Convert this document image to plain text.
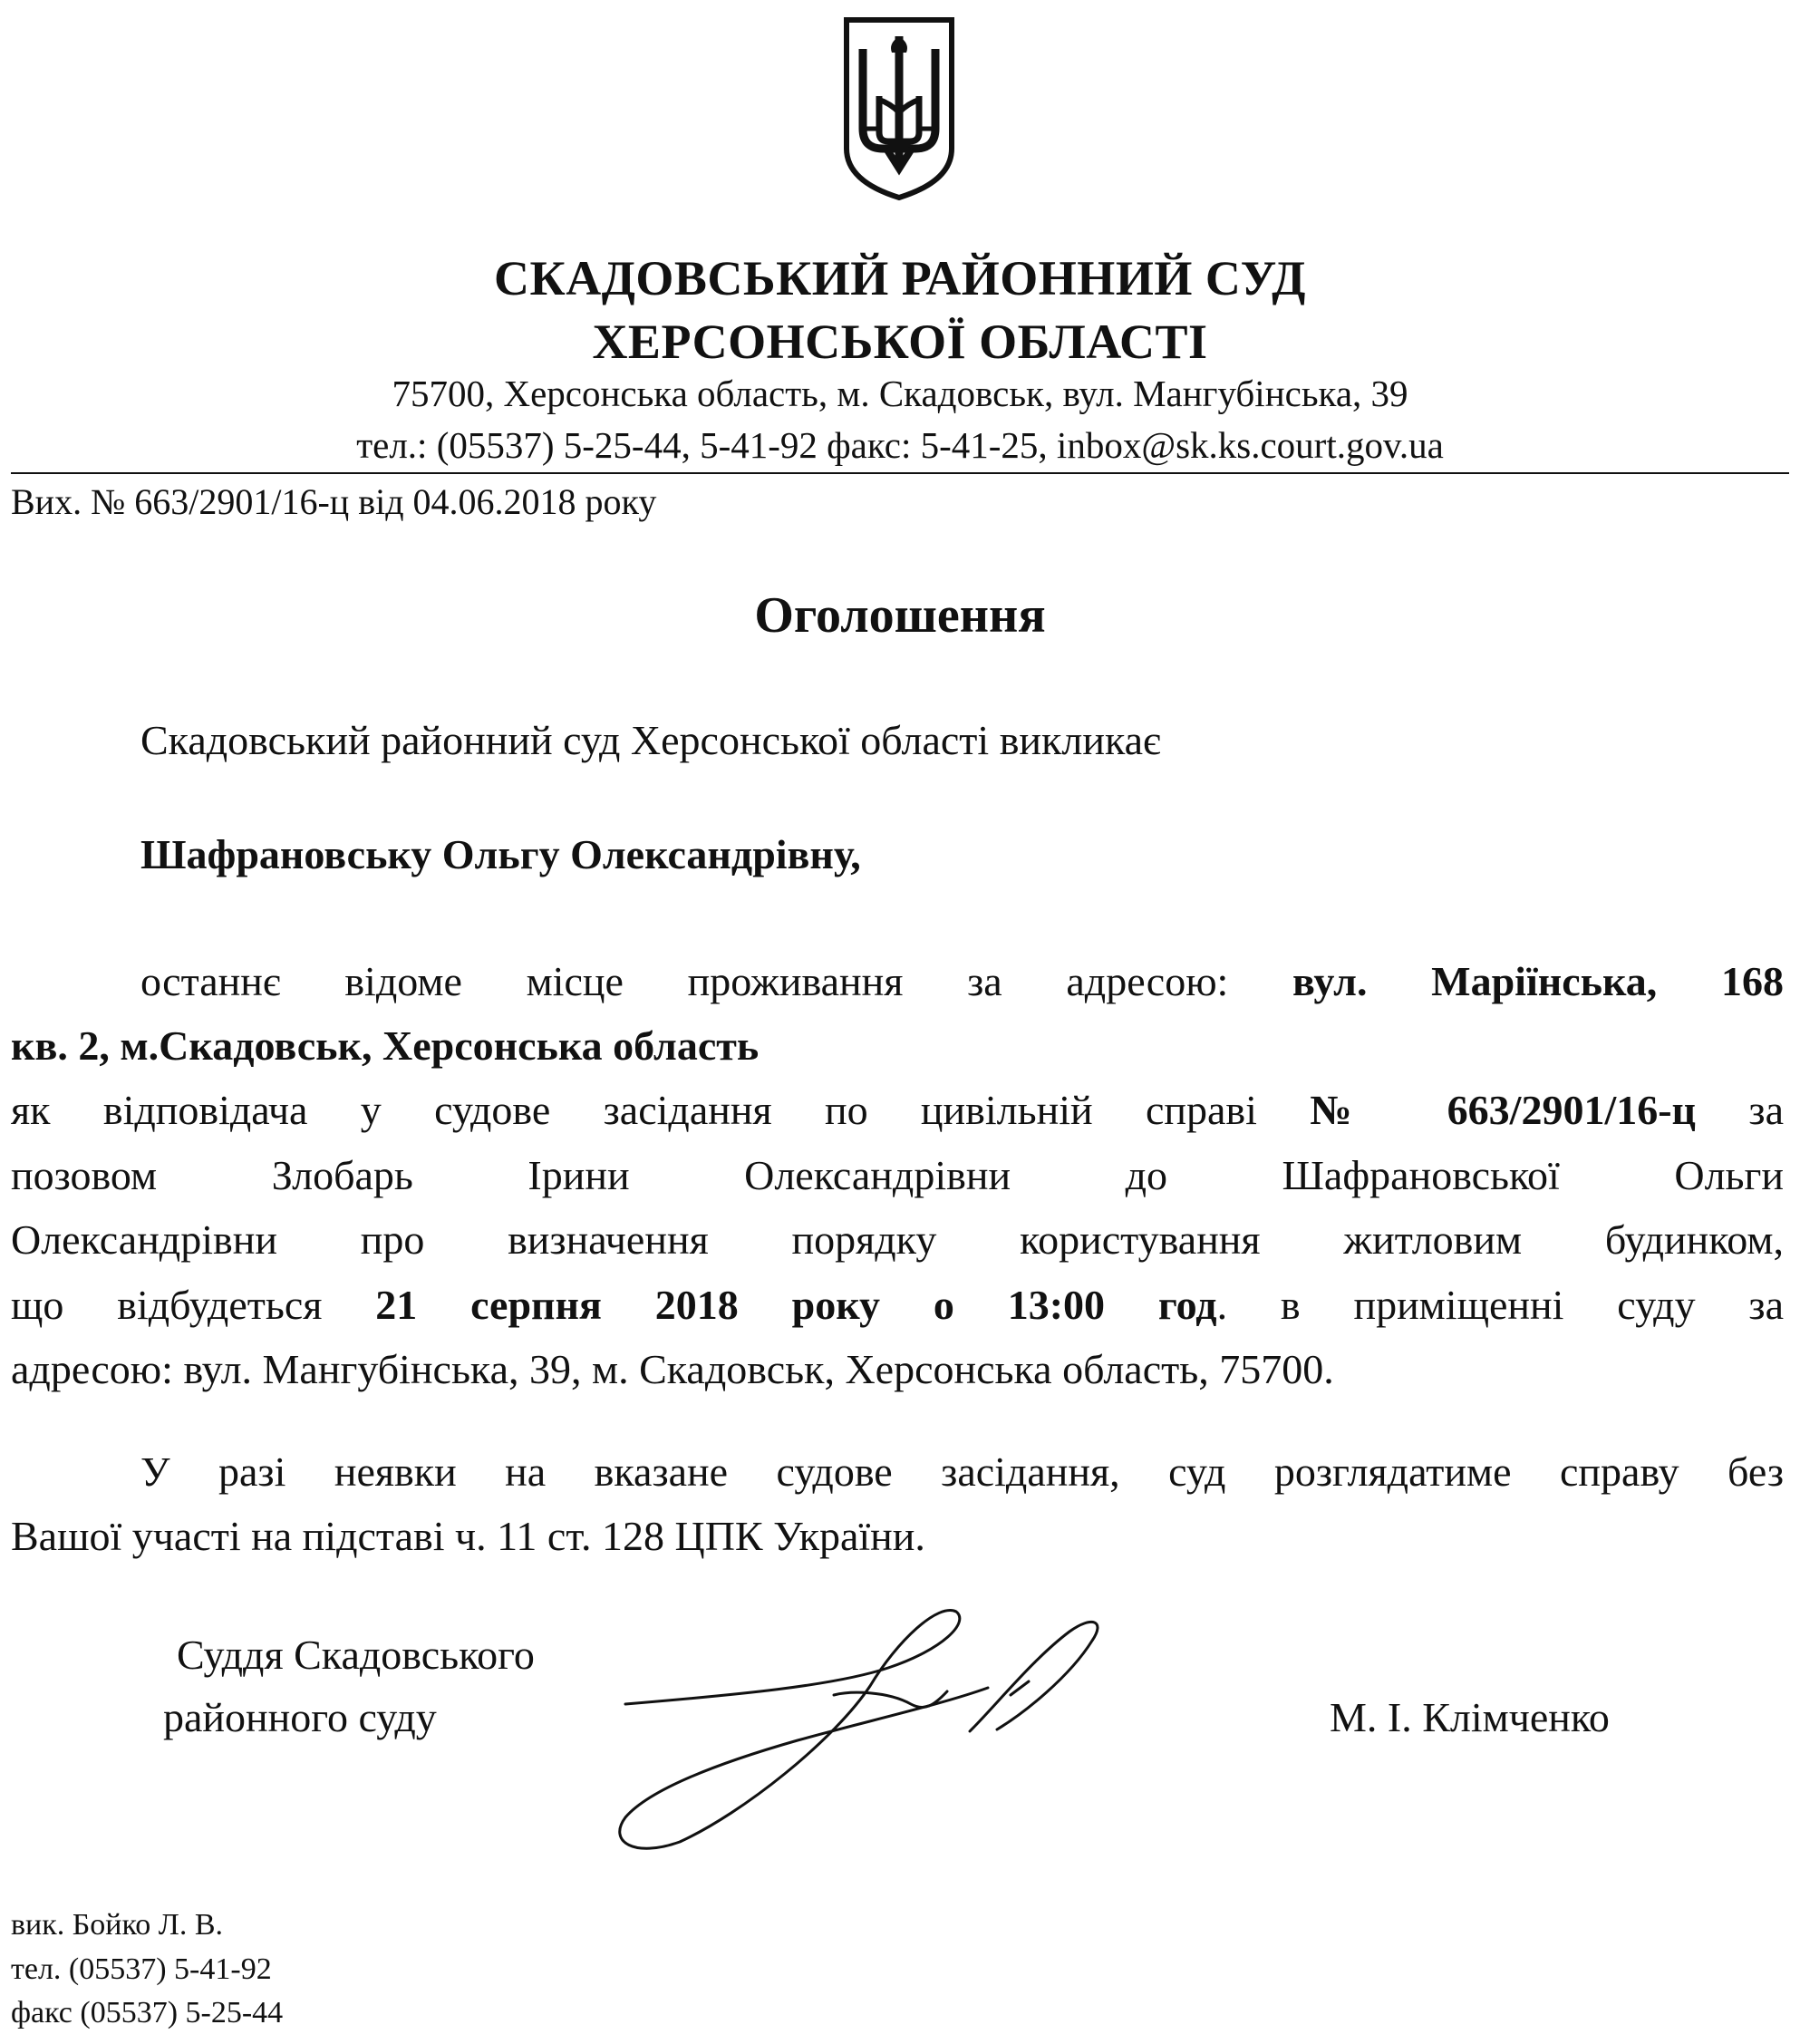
СКАДОВСЬКИЙ РАЙОННИЙ СУД
ХЕРСОНСЬКОЇ ОБЛАСТІ
75700, Херсонська область, м. Скадовськ, вул. Мангубінська, 39
тел.: (05537) 5-25-44, 5-41-92 факс: 5-41-25, inbox@sk.ks.court.gov.ua
Вих. № 663/2901/16-ц від 04.06.2018 року
Оголошення
Скадовський районний суд Херсонської області викликає
Шафрановську Ольгу Олександрівну,
останнє відоме місце проживання за адресою: вул. Маріїнська, 168
кв. 2, м.Скадовськ, Херсонська область
як відповідача у судове засідання по цивільній справі № 663/2901/16-ц за
позовом Злобарь Ірини Олександрівни до Шафрановської Ольги
Олександрівни про визначення порядку користування житловим будинком,
що відбудеться 21 серпня 2018 року о 13:00 год. в приміщенні суду за
адресою: вул. Мангубінська, 39, м. Скадовськ, Херсонська область, 75700.
У разі неявки на вказане судове засідання, суд розглядатиме справу без
Вашої участі на підставі ч. 11 ст. 128 ЦПК України.
Суддя Скадовського
районного суду	М. І. Клімченко
вик. Бойко Л. В.
тел. (05537) 5-41-92
факс (05537) 5-25-44
